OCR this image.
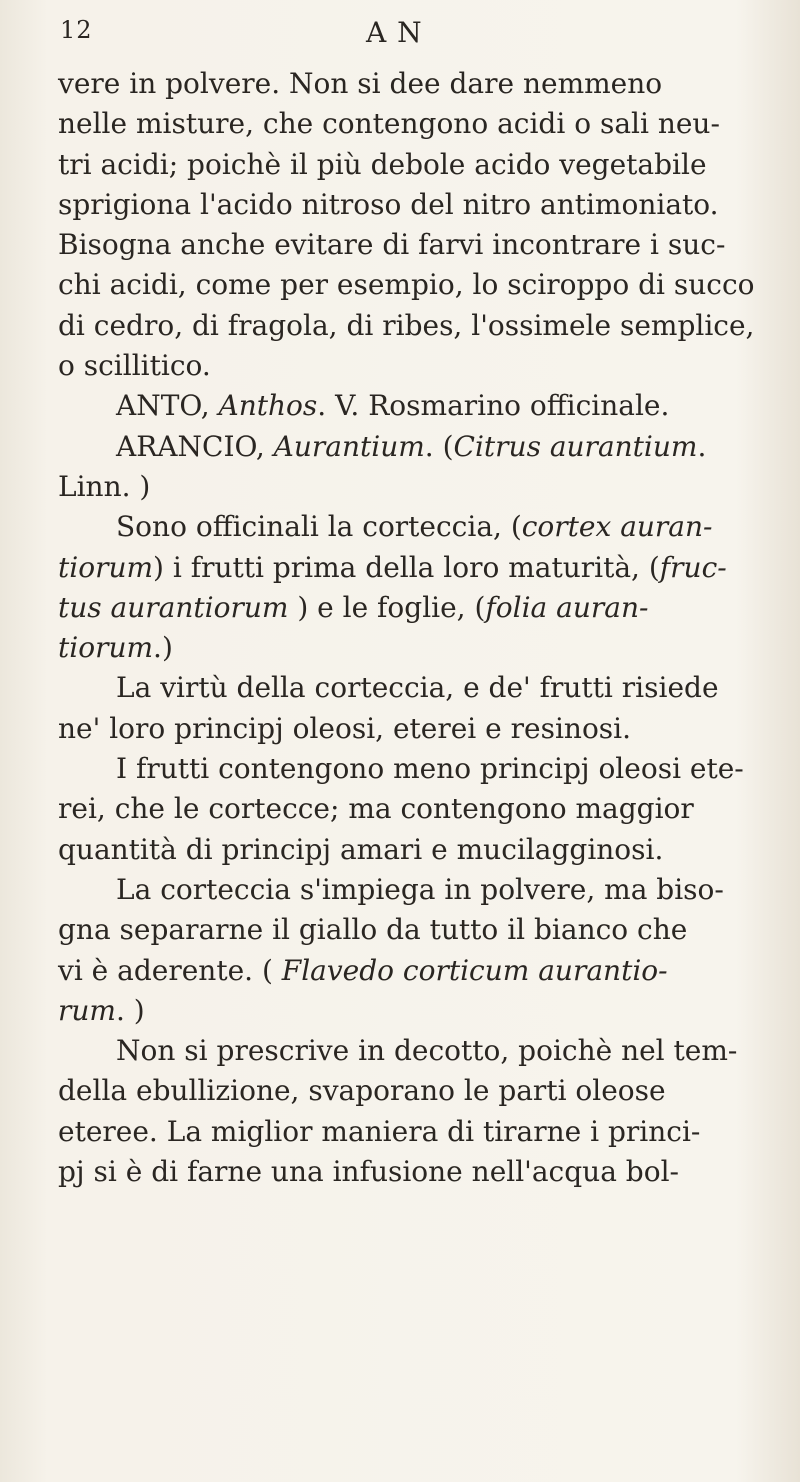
12	A N
vere in polvere. Non si dee dare nemmeno
nelle misture, che contengono acidi o sali neu-
tri acidi; poichè il più debole acido vegetabile
sprigiona l'acido nitroso del nitro antimoniato.
Bisogna anche evitare di farvi incontrare i suc-
chi acidi, come per esempio, lo sciroppo di succo
di cedro, di fragola, di ribes, l'ossimele semplice,
o scillitico.
ANTO, Anthos. V. Rosmarino officinale.
ARANCIO, Aurantium. (Citrus aurantium.
Linn. )
Sono officinali la corteccia, (cortex auran-
tiorum) i frutti prima della loro maturità, (fruc-
tus aurantiorum ) e le foglie, (folia auran-
tiorum.)
La virtù della corteccia, e de' frutti risiede
ne' loro principj oleosi, eterei e resinosi.
I frutti contengono meno principj oleosi ete-
rei, che le cortecce; ma contengono maggior
quantità di principj amari e mucilagginosi.
La corteccia s'impiega in polvere, ma biso-
gna separarne il giallo da tutto il bianco che
vi è aderente. ( Flavedo corticum aurantio-
rum. )
Non si prescrive in decotto, poichè nel tem-
della ebullizione, svaporano le parti oleose
eteree. La miglior maniera di tirarne i princi-
pj si è di farne una infusione nell'acqua bol-
